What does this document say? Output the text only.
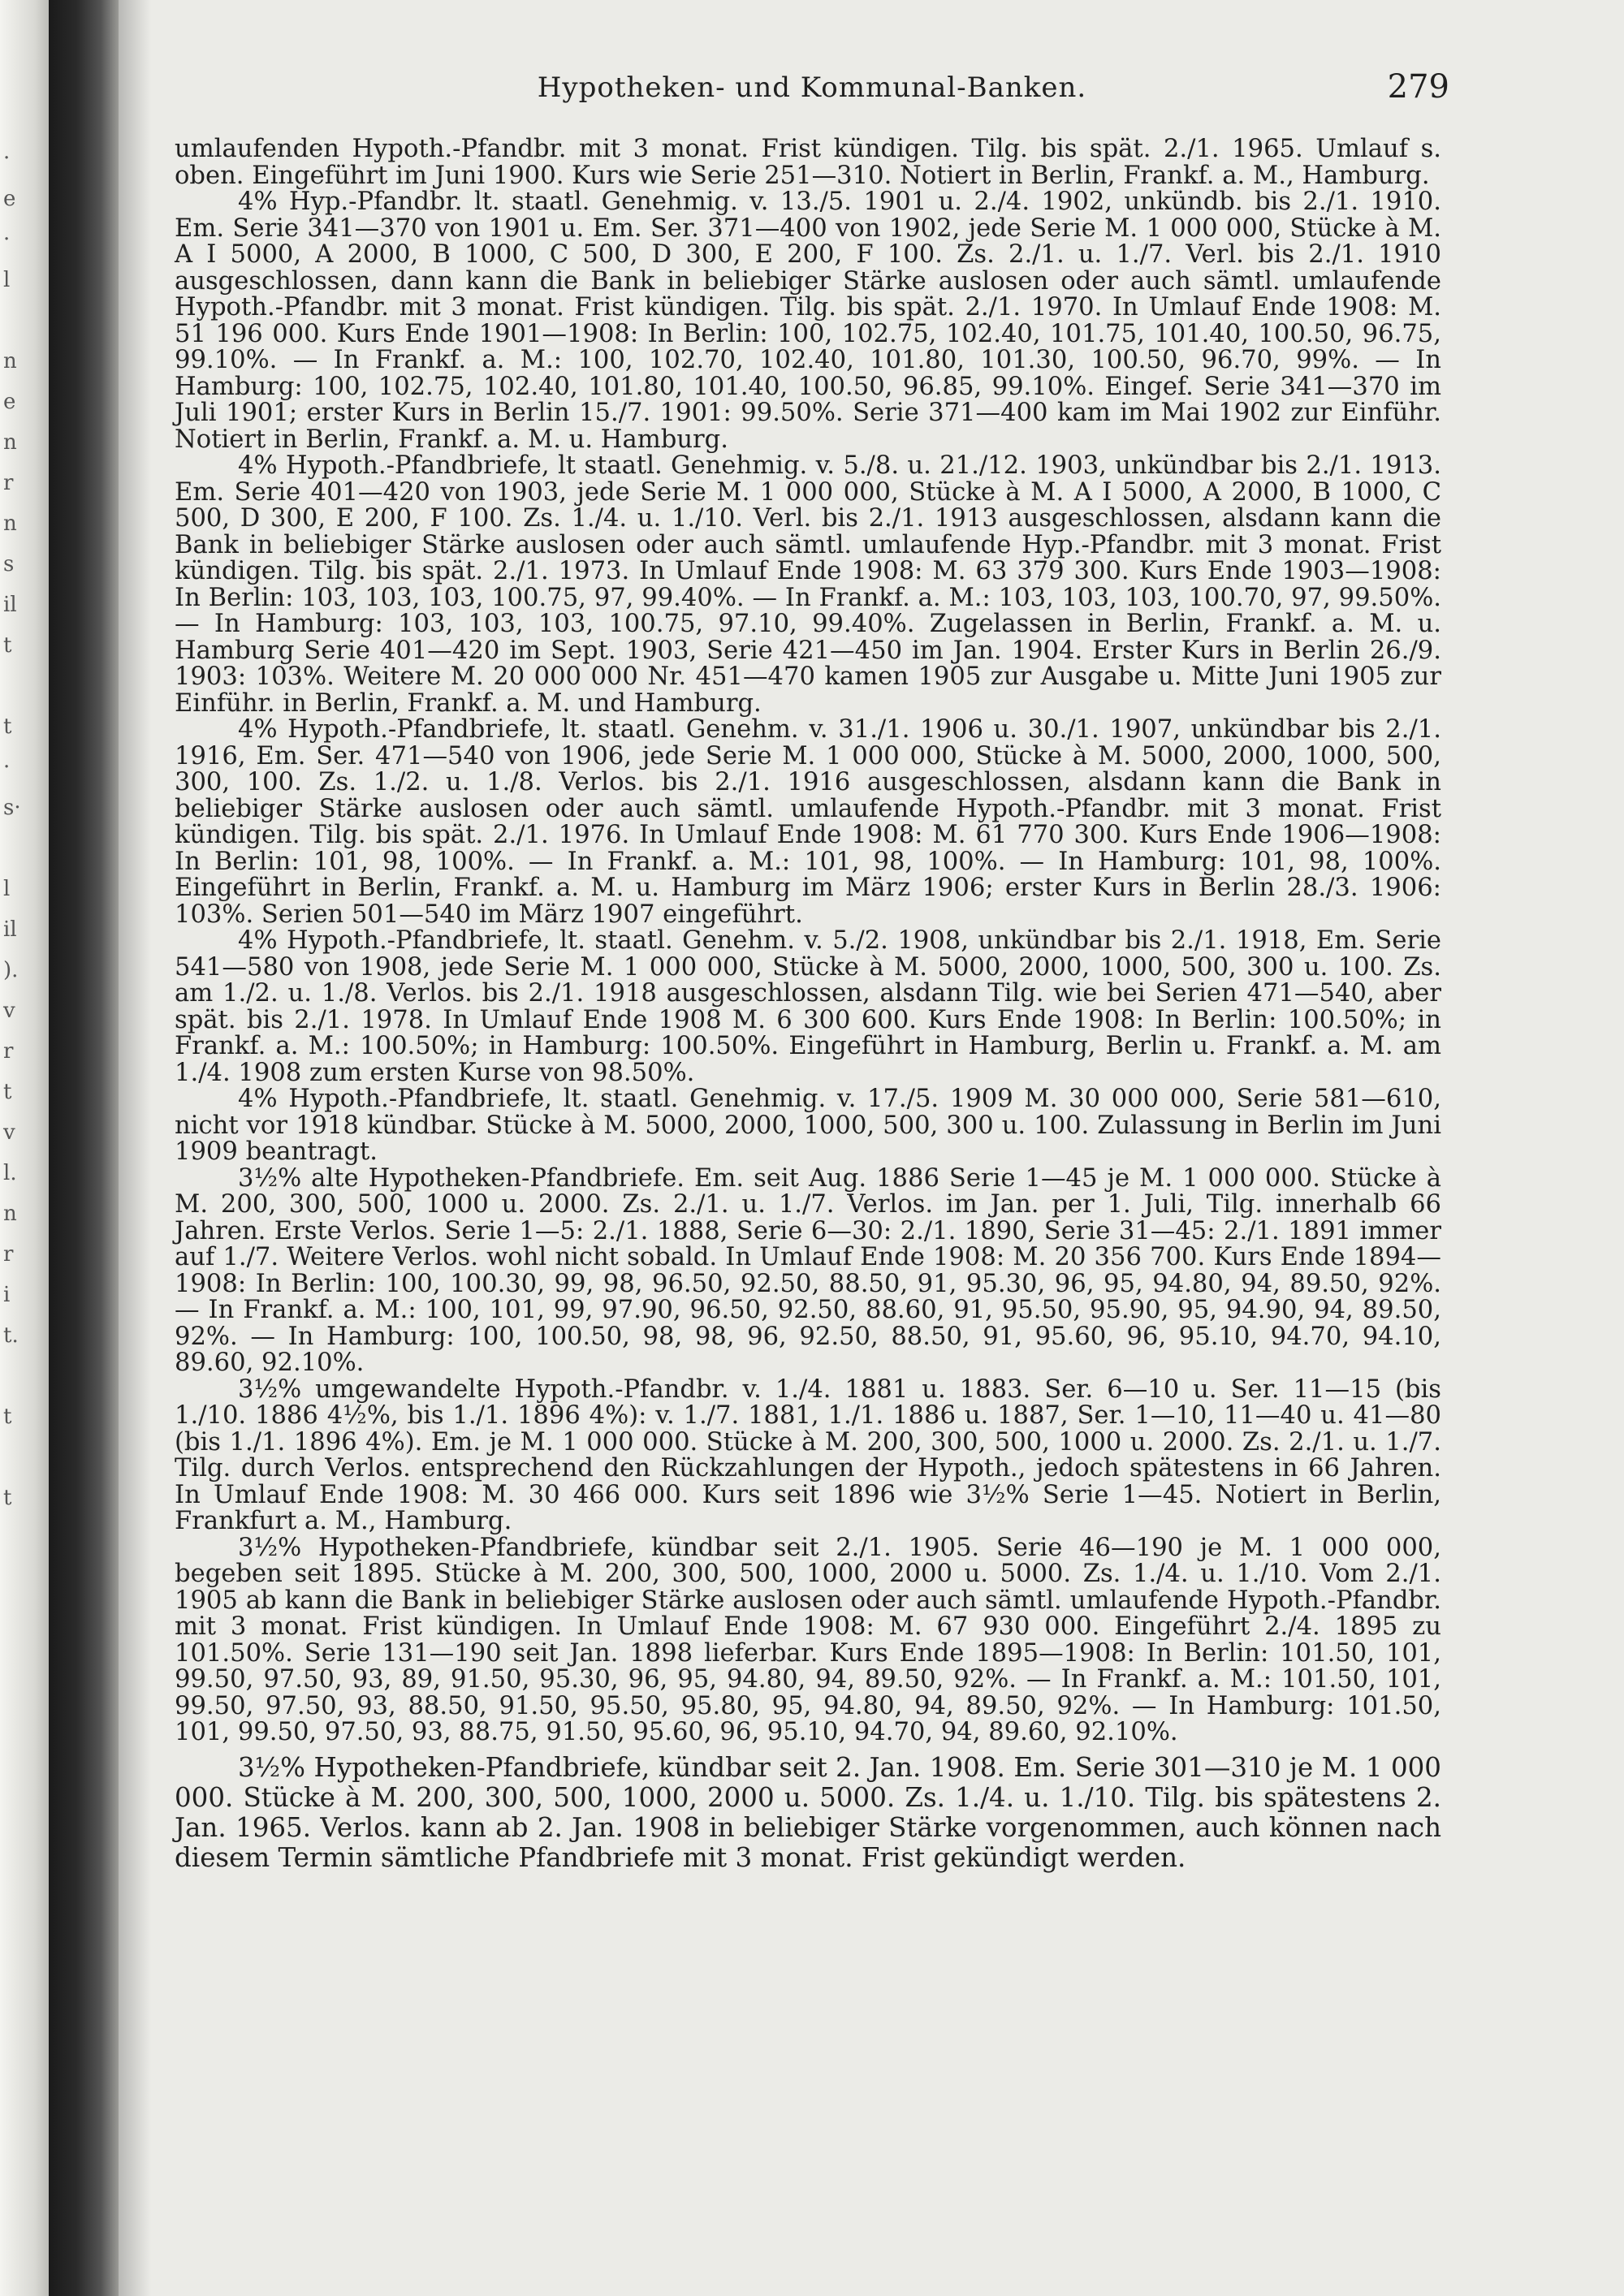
·
e
·
l

n
e
n
r
n
s
il
t

t
·
s·

l
il
).
v
r
t
v
l.
n
r
i
t.

t

t
Hypotheken- und Kommunal-Banken.	279

umlaufenden Hypoth.-Pfandbr. mit 3 monat. Frist kündigen. Tilg. bis spät. 2./1. 1965. Umlauf s. oben. Eingeführt im Juni 1900. Kurs wie Serie 251—310. Notiert in Berlin, Frankf. a. M., Hamburg.

4% Hyp.-Pfandbr. lt. staatl. Genehmig. v. 13./5. 1901 u. 2./4. 1902, unkündb. bis 2./1. 1910. Em. Serie 341—370 von 1901 u. Em. Ser. 371—400 von 1902, jede Serie M. 1 000 000, Stücke à M. A I 5000, A 2000, B 1000, C 500, D 300, E 200, F 100. Zs. 2./1. u. 1./7. Verl. bis 2./1. 1910 ausgeschlossen, dann kann die Bank in beliebiger Stärke auslosen oder auch sämtl. umlaufende Hypoth.-Pfandbr. mit 3 monat. Frist kündigen. Tilg. bis spät. 2./1. 1970. In Umlauf Ende 1908: M. 51 196 000. Kurs Ende 1901—1908: In Berlin: 100, 102.75, 102.40, 101.75, 101.40, 100.50, 96.75, 99.10%. — In Frankf. a. M.: 100, 102.70, 102.40, 101.80, 101.30, 100.50, 96.70, 99%. — In Hamburg: 100, 102.75, 102.40, 101.80, 101.40, 100.50, 96.85, 99.10%. Eingef. Serie 341—370 im Juli 1901; erster Kurs in Berlin 15./7. 1901: 99.50%. Serie 371—400 kam im Mai 1902 zur Einführ. Notiert in Berlin, Frankf. a. M. u. Hamburg.

4% Hypoth.-Pfandbriefe, lt staatl. Genehmig. v. 5./8. u. 21./12. 1903, unkündbar bis 2./1. 1913. Em. Serie 401—420 von 1903, jede Serie M. 1 000 000, Stücke à M. A I 5000, A 2000, B 1000, C 500, D 300, E 200, F 100. Zs. 1./4. u. 1./10. Verl. bis 2./1. 1913 ausgeschlossen, alsdann kann die Bank in beliebiger Stärke auslosen oder auch sämtl. umlaufende Hyp.-Pfandbr. mit 3 monat. Frist kündigen. Tilg. bis spät. 2./1. 1973. In Umlauf Ende 1908: M. 63 379 300. Kurs Ende 1903—1908: In Berlin: 103, 103, 103, 100.75, 97, 99.40%. — In Frankf. a. M.: 103, 103, 103, 100.70, 97, 99.50%. — In Hamburg: 103, 103, 103, 100.75, 97.10, 99.40%. Zugelassen in Berlin, Frankf. a. M. u. Hamburg Serie 401—420 im Sept. 1903, Serie 421—450 im Jan. 1904. Erster Kurs in Berlin 26./9. 1903: 103%. Weitere M. 20 000 000 Nr. 451—470 kamen 1905 zur Ausgabe u. Mitte Juni 1905 zur Einführ. in Berlin, Frankf. a. M. und Hamburg.

4% Hypoth.-Pfandbriefe, lt. staatl. Genehm. v. 31./1. 1906 u. 30./1. 1907, unkündbar bis 2./1. 1916, Em. Ser. 471—540 von 1906, jede Serie M. 1 000 000, Stücke à M. 5000, 2000, 1000, 500, 300, 100. Zs. 1./2. u. 1./8. Verlos. bis 2./1. 1916 ausgeschlossen, alsdann kann die Bank in beliebiger Stärke auslosen oder auch sämtl. umlaufende Hypoth.-Pfandbr. mit 3 monat. Frist kündigen. Tilg. bis spät. 2./1. 1976. In Umlauf Ende 1908: M. 61 770 300. Kurs Ende 1906—1908: In Berlin: 101, 98, 100%. — In Frankf. a. M.: 101, 98, 100%. — In Hamburg: 101, 98, 100%. Eingeführt in Berlin, Frankf. a. M. u. Hamburg im März 1906; erster Kurs in Berlin 28./3. 1906: 103%. Serien 501—540 im März 1907 eingeführt.

4% Hypoth.-Pfandbriefe, lt. staatl. Genehm. v. 5./2. 1908, unkündbar bis 2./1. 1918, Em. Serie 541—580 von 1908, jede Serie M. 1 000 000, Stücke à M. 5000, 2000, 1000, 500, 300 u. 100. Zs. am 1./2. u. 1./8. Verlos. bis 2./1. 1918 ausgeschlossen, alsdann Tilg. wie bei Serien 471—540, aber spät. bis 2./1. 1978. In Umlauf Ende 1908 M. 6 300 600. Kurs Ende 1908: In Berlin: 100.50%; in Frankf. a. M.: 100.50%; in Hamburg: 100.50%. Eingeführt in Hamburg, Berlin u. Frankf. a. M. am 1./4. 1908 zum ersten Kurse von 98.50%.

4% Hypoth.-Pfandbriefe, lt. staatl. Genehmig. v. 17./5. 1909 M. 30 000 000, Serie 581—610, nicht vor 1918 kündbar. Stücke à M. 5000, 2000, 1000, 500, 300 u. 100. Zulassung in Berlin im Juni 1909 beantragt.

3½% alte Hypotheken-Pfandbriefe. Em. seit Aug. 1886 Serie 1—45 je M. 1 000 000. Stücke à M. 200, 300, 500, 1000 u. 2000. Zs. 2./1. u. 1./7. Verlos. im Jan. per 1. Juli, Tilg. innerhalb 66 Jahren. Erste Verlos. Serie 1—5: 2./1. 1888, Serie 6—30: 2./1. 1890, Serie 31—45: 2./1. 1891 immer auf 1./7. Weitere Verlos. wohl nicht sobald. In Umlauf Ende 1908: M. 20 356 700. Kurs Ende 1894—1908: In Berlin: 100, 100.30, 99, 98, 96.50, 92.50, 88.50, 91, 95.30, 96, 95, 94.80, 94, 89.50, 92%. — In Frankf. a. M.: 100, 101, 99, 97.90, 96.50, 92.50, 88.60, 91, 95.50, 95.90, 95, 94.90, 94, 89.50, 92%. — In Hamburg: 100, 100.50, 98, 98, 96, 92.50, 88.50, 91, 95.60, 96, 95.10, 94.70, 94.10, 89.60, 92.10%.

3½% umgewandelte Hypoth.-Pfandbr. v. 1./4. 1881 u. 1883. Ser. 6—10 u. Ser. 11—15 (bis 1./10. 1886 4½%, bis 1./1. 1896 4%): v. 1./7. 1881, 1./1. 1886 u. 1887, Ser. 1—10, 11—40 u. 41—80 (bis 1./1. 1896 4%). Em. je M. 1 000 000. Stücke à M. 200, 300, 500, 1000 u. 2000. Zs. 2./1. u. 1./7. Tilg. durch Verlos. entsprechend den Rückzahlungen der Hypoth., jedoch spätestens in 66 Jahren. In Umlauf Ende 1908: M. 30 466 000. Kurs seit 1896 wie 3½% Serie 1—45. Notiert in Berlin, Frankfurt a. M., Hamburg.

3½% Hypotheken-Pfandbriefe, kündbar seit 2./1. 1905. Serie 46—190 je M. 1 000 000, begeben seit 1895. Stücke à M. 200, 300, 500, 1000, 2000 u. 5000. Zs. 1./4. u. 1./10. Vom 2./1. 1905 ab kann die Bank in beliebiger Stärke auslosen oder auch sämtl. umlaufende Hypoth.-Pfandbr. mit 3 monat. Frist kündigen. In Umlauf Ende 1908: M. 67 930 000. Eingeführt 2./4. 1895 zu 101.50%. Serie 131—190 seit Jan. 1898 lieferbar. Kurs Ende 1895—1908: In Berlin: 101.50, 101, 99.50, 97.50, 93, 89, 91.50, 95.30, 96, 95, 94.80, 94, 89.50, 92%. — In Frankf. a. M.: 101.50, 101, 99.50, 97.50, 93, 88.50, 91.50, 95.50, 95.80, 95, 94.80, 94, 89.50, 92%. — In Hamburg: 101.50, 101, 99.50, 97.50, 93, 88.75, 91.50, 95.60, 96, 95.10, 94.70, 94, 89.60, 92.10%.

3½% Hypotheken-Pfandbriefe, kündbar seit 2. Jan. 1908. Em. Serie 301—310 je M. 1 000 000. Stücke à M. 200, 300, 500, 1000, 2000 u. 5000. Zs. 1./4. u. 1./10. Tilg. bis spätestens 2. Jan. 1965. Verlos. kann ab 2. Jan. 1908 in beliebiger Stärke vorgenommen, auch können nach diesem Termin sämtliche Pfandbriefe mit 3 monat. Frist gekündigt werden.
